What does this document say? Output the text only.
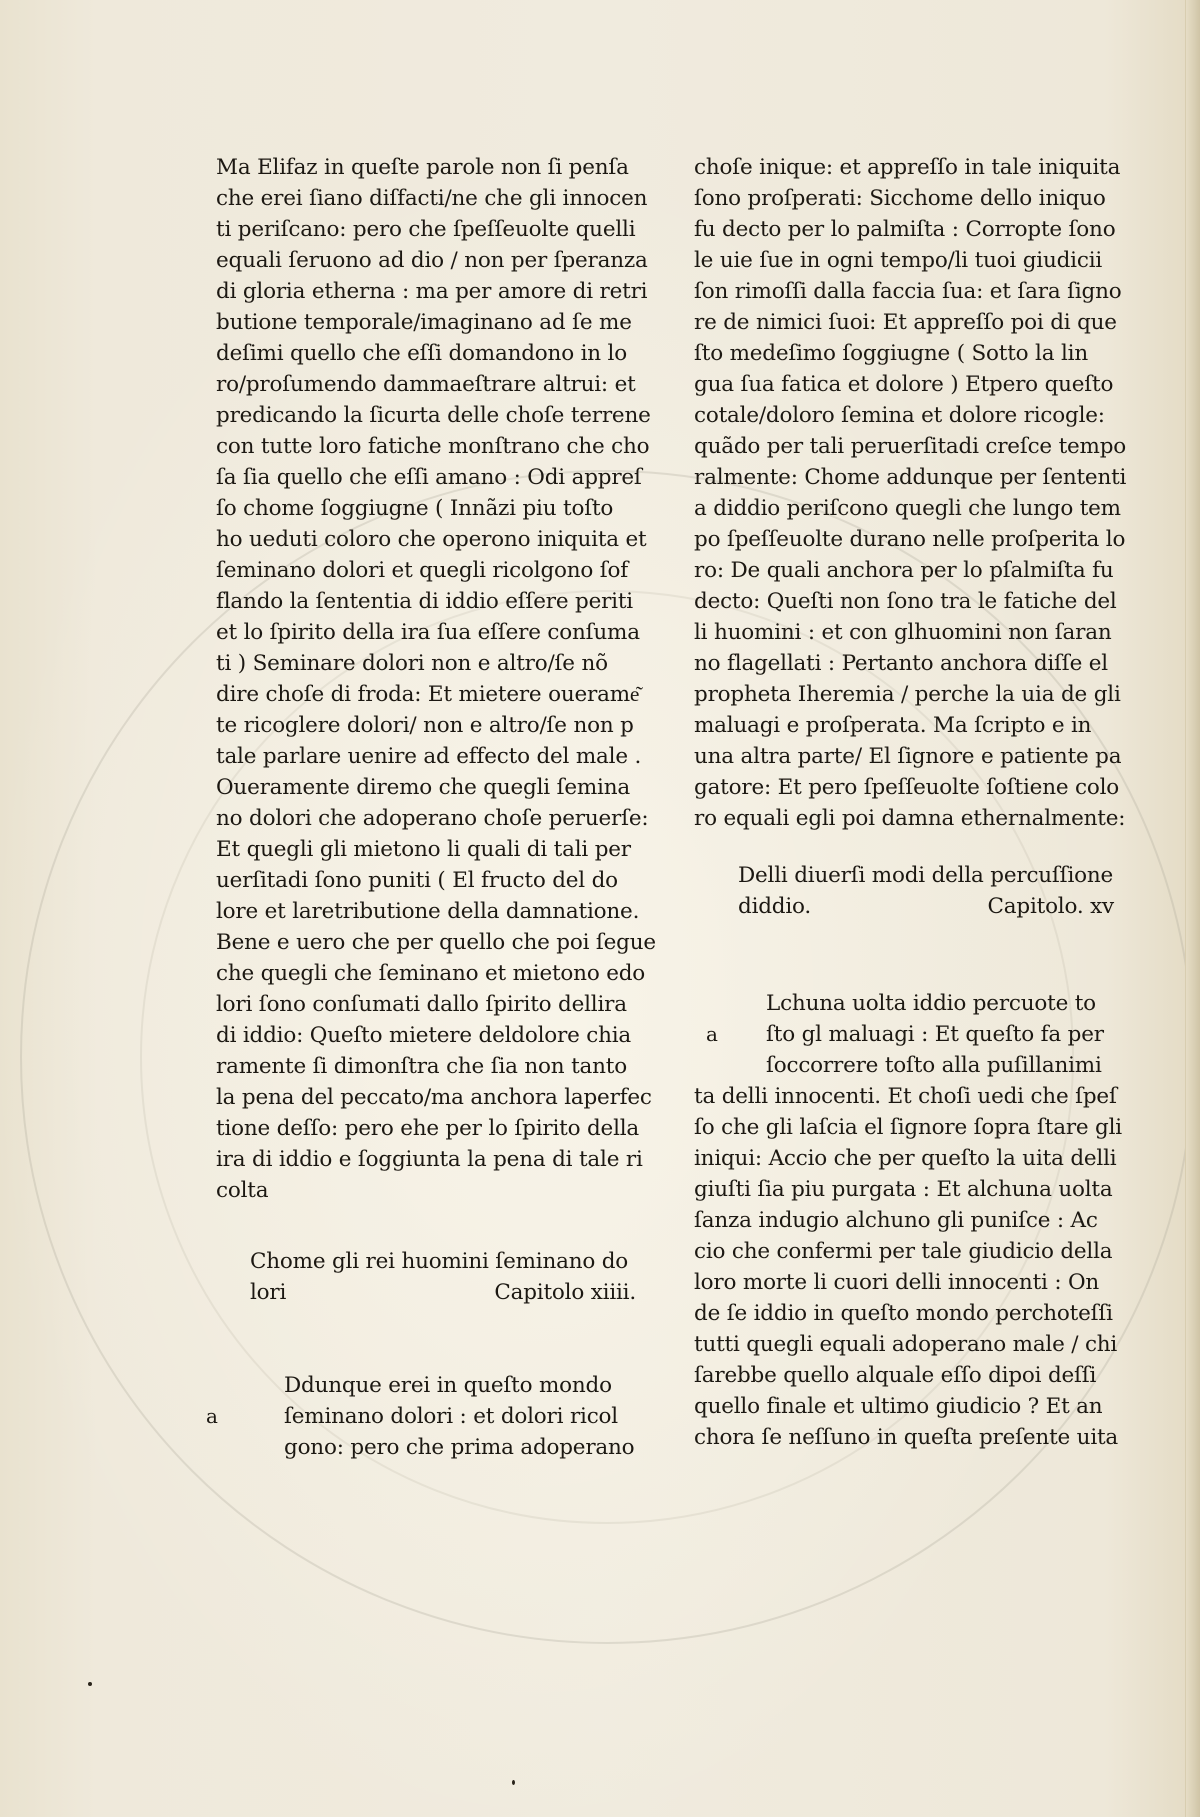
Ma Elifaz in queſte parole non ſi penſa
che erei ſiano diſfacti/ne che gli innocen
ti periſcano: pero che ſpeſſeuolte quelli
equali ſeruono ad dio / non per ſperanza
di gloria etherna : ma per amore di retri
butione temporale/imaginano ad ſe me
deſimi quello che eſſi domandono in lo
ro/proſumendo dammaeſtrare altrui: et
predicando la ſicurta delle choſe terrene
con tutte loro fatiche monſtrano che cho
ſa ſia quello che eſſi amano : Odi appreſ
ſo chome ſoggiugne ( Innãzi piu toſto
ho ueduti coloro che operono iniquita et
ſeminano dolori et quegli ricolgono ſof
flando la ſententia di iddio eſſere periti
et lo ſpirito della ira ſua eſſere conſuma
ti ) Seminare dolori non e altro/ſe nõ
dire choſe di froda: Et mietere ouerame͂
te ricoglere dolori/ non e altro/ſe non p
tale parlare uenire ad effecto del male .
Oueramente diremo che quegli ſemina
no dolori che adoperano choſe peruerſe:
Et quegli gli mietono li quali di tali per
uerſitadi ſono puniti ( El fructo del do
lore et laretributione della damnatione.
Bene e uero che per quello che poi ſegue
che quegli che ſeminano et mietono edo
lori ſono conſumati dallo ſpirito dellira
di iddio: Queſto mietere deldolore chia
ramente ſi dimonſtra che ſia non tanto
la pena del peccato/ma anchora laperfec
tione deſſo: pero ehe per lo ſpirito della
ira di iddio e ſoggiunta la pena di tale ri
colta
Chome gli rei huomini ſeminano do
lori	Capitolo xiiii.
a
Ddunque erei in queſto mondo
ſeminano dolori : et dolori ricol
gono: pero che prima adoperano
choſe inique: et appreſſo in tale iniquita
ſono proſperati: Sicchome dello iniquo
fu decto per lo palmiſta : Corropte ſono
le uie ſue in ogni tempo/li tuoi giudicii
ſon rimoſſi dalla faccia ſua: et ſara ſigno
re de nimici ſuoi: Et appreſſo poi di que
ſto medeſimo ſoggiugne ( Sotto la lin
gua ſua fatica et dolore ) Etpero queſto
cotale/doloro ſemina et dolore ricogle:
quãdo per tali peruerſitadi creſce tempo
ralmente: Chome addunque per ſententi
a diddio periſcono quegli che lungo tem
po ſpeſſeuolte durano nelle proſperita lo
ro: De quali anchora per lo pſalmiſta fu
decto: Queſti non ſono tra le fatiche del
li huomini : et con glhuomini non ſaran
no flagellati : Pertanto anchora diſſe el
propheta Iheremia / perche la uia de gli
maluagi e proſperata. Ma ſcripto e in
una altra parte/ El ſignore e patiente pa
gatore: Et pero ſpeſſeuolte ſoſtiene colo
ro equali egli poi damna ethernalmente:
Delli diuerſi modi della percuſſione
diddio.	Capitolo. xv
a
Lchuna uolta iddio percuote to
ſto gl maluagi : Et queſto fa per
ſoccorrere toſto alla puſillanimi
ta delli innocenti. Et choſi uedi che ſpeſ
ſo che gli laſcia el ſignore ſopra ſtare gli
iniqui: Accio che per queſto la uita delli
giuſti ſia piu purgata : Et alchuna uolta
ſanza indugio alchuno gli puniſce : Ac
cio che confermi per tale giudicio della
loro morte li cuori delli innocenti : On
de ſe iddio in queſto mondo perchoteſſi
tutti quegli equali adoperano male / chi
ſarebbe quello alquale eſſo dipoi deſſi
quello finale et ultimo giudicio ? Et an
chora ſe neſſuno in queſta preſente uita
